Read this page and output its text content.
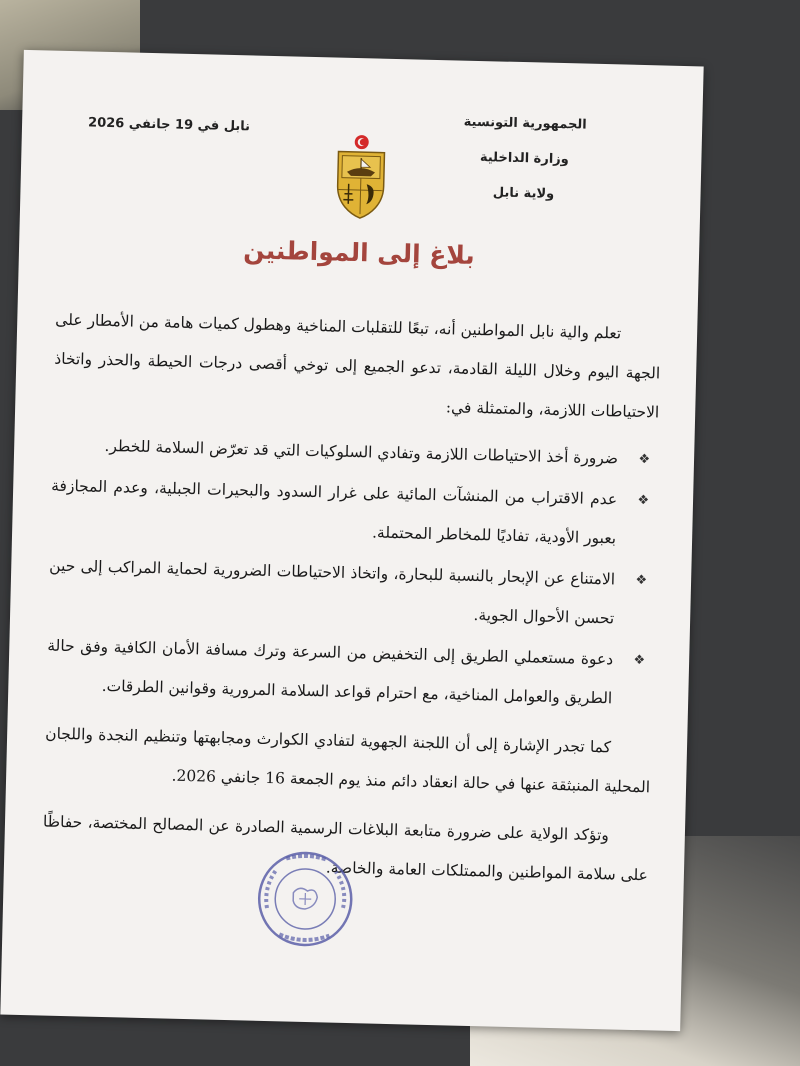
الجمهورية التونسية
وزارة الداخلية
ولاية نابل
نابل في 19 جانفي 2026
بلاغ إلى المواطنين

تعلم والية نابل المواطنين أنه، تبعًا للتقلبات المناخية وهطول كميات هامة من الأمطار على الجهة اليوم وخلال الليلة القادمة، تدعو الجميع إلى توخي أقصى درجات الحيطة والحذر واتخاذ الاحتياطات اللازمة، والمتمثلة في:

❖
ضرورة أخذ الاحتياطات اللازمة وتفادي السلوكيات التي قد تعرّض السلامة للخطر.
❖
عدم الاقتراب من المنشآت المائية على غرار السدود والبحيرات الجبلية، وعدم المجازفة بعبور الأودية، تفاديًا للمخاطر المحتملة.
❖
الامتناع عن الإبحار بالنسبة للبحارة، واتخاذ الاحتياطات الضرورية لحماية المراكب إلى حين تحسن الأحوال الجوية.
❖
دعوة مستعملي الطريق إلى التخفيض من السرعة وترك مسافة الأمان الكافية وفق حالة الطريق والعوامل المناخية، مع احترام قواعد السلامة المرورية وقوانين الطرقات.

كما تجدر الإشارة إلى أن اللجنة الجهوية لتفادي الكوارث ومجابهتها وتنظيم النجدة واللجان المحلية المنبثقة عنها في حالة انعقاد دائم منذ يوم الجمعة 16 جانفي 2026.

وتؤكد الولاية على ضرورة متابعة البلاغات الرسمية الصادرة عن المصالح المختصة، حفاظًا على سلامة المواطنين والممتلكات العامة والخاصة.
